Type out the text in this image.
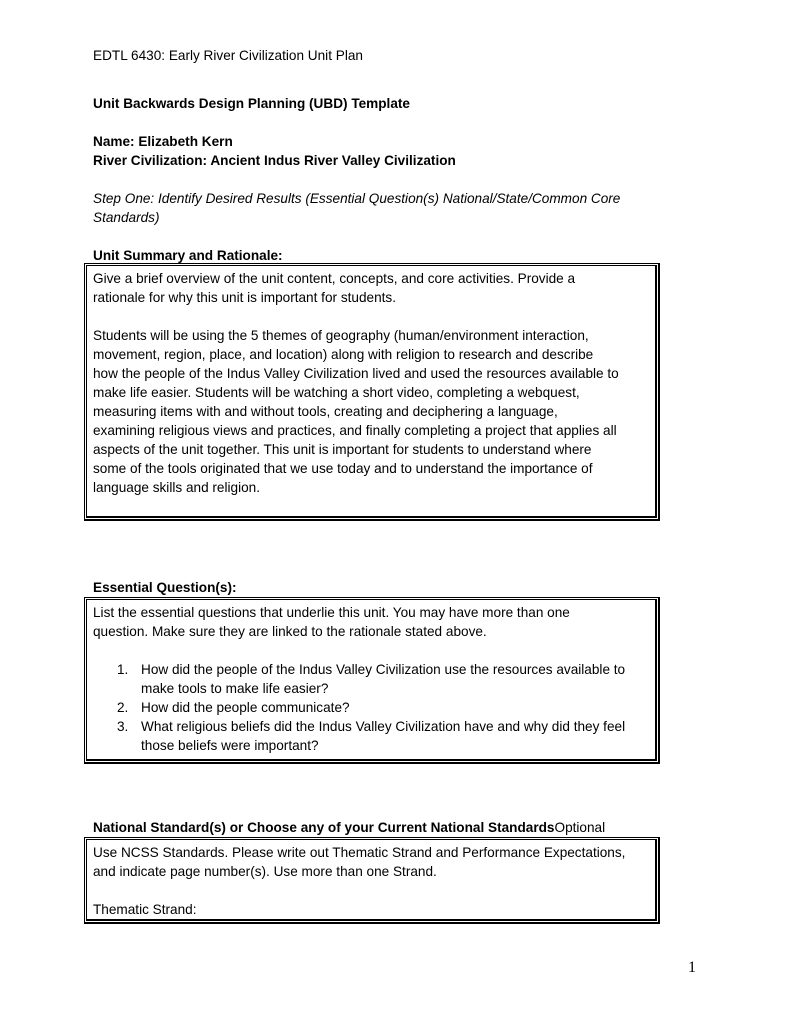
EDTL 6430: Early River Civilization Unit Plan
Unit Backwards Design Planning (UBD) Template
Name: Elizabeth Kern
River Civilization: Ancient Indus River Valley Civilization
Step One: Identify Desired Results (Essential Question(s) National/State/Common Core
Standards)
Unit Summary and Rationale:

Give a brief overview of the unit content, concepts, and core activities. Provide a

rationale for why this unit is important for students.

Students will be using the 5 themes of geography (human/environment interaction,

movement, region, place, and location) along with religion to research and describe

how the people of the Indus Valley Civilization lived and used the resources available to

make life easier. Students will be watching a short video, completing a webquest,

measuring items with and without tools, creating and deciphering a language,

examining religious views and practices, and finally completing a project that applies all

aspects of the unit together. This unit is important for students to understand where

some of the tools originated that we use today and to understand the importance of

language skills and religion.

Essential Question(s):

List the essential questions that underlie this unit. You may have more than one

question. Make sure they are linked to the rationale stated above.

1. How did the people of the Indus Valley Civilization use the resources available to
make tools to make life easier?
2. How did the people communicate?
3. What religious beliefs did the Indus Valley Civilization have and why did they feel
those beliefs were important?
National Standard(s) or Choose any of your Current National StandardsOptional

Use NCSS Standards. Please write out Thematic Strand and Performance Expectations,

and indicate page number(s). Use more than one Strand.

Thematic Strand:

1
